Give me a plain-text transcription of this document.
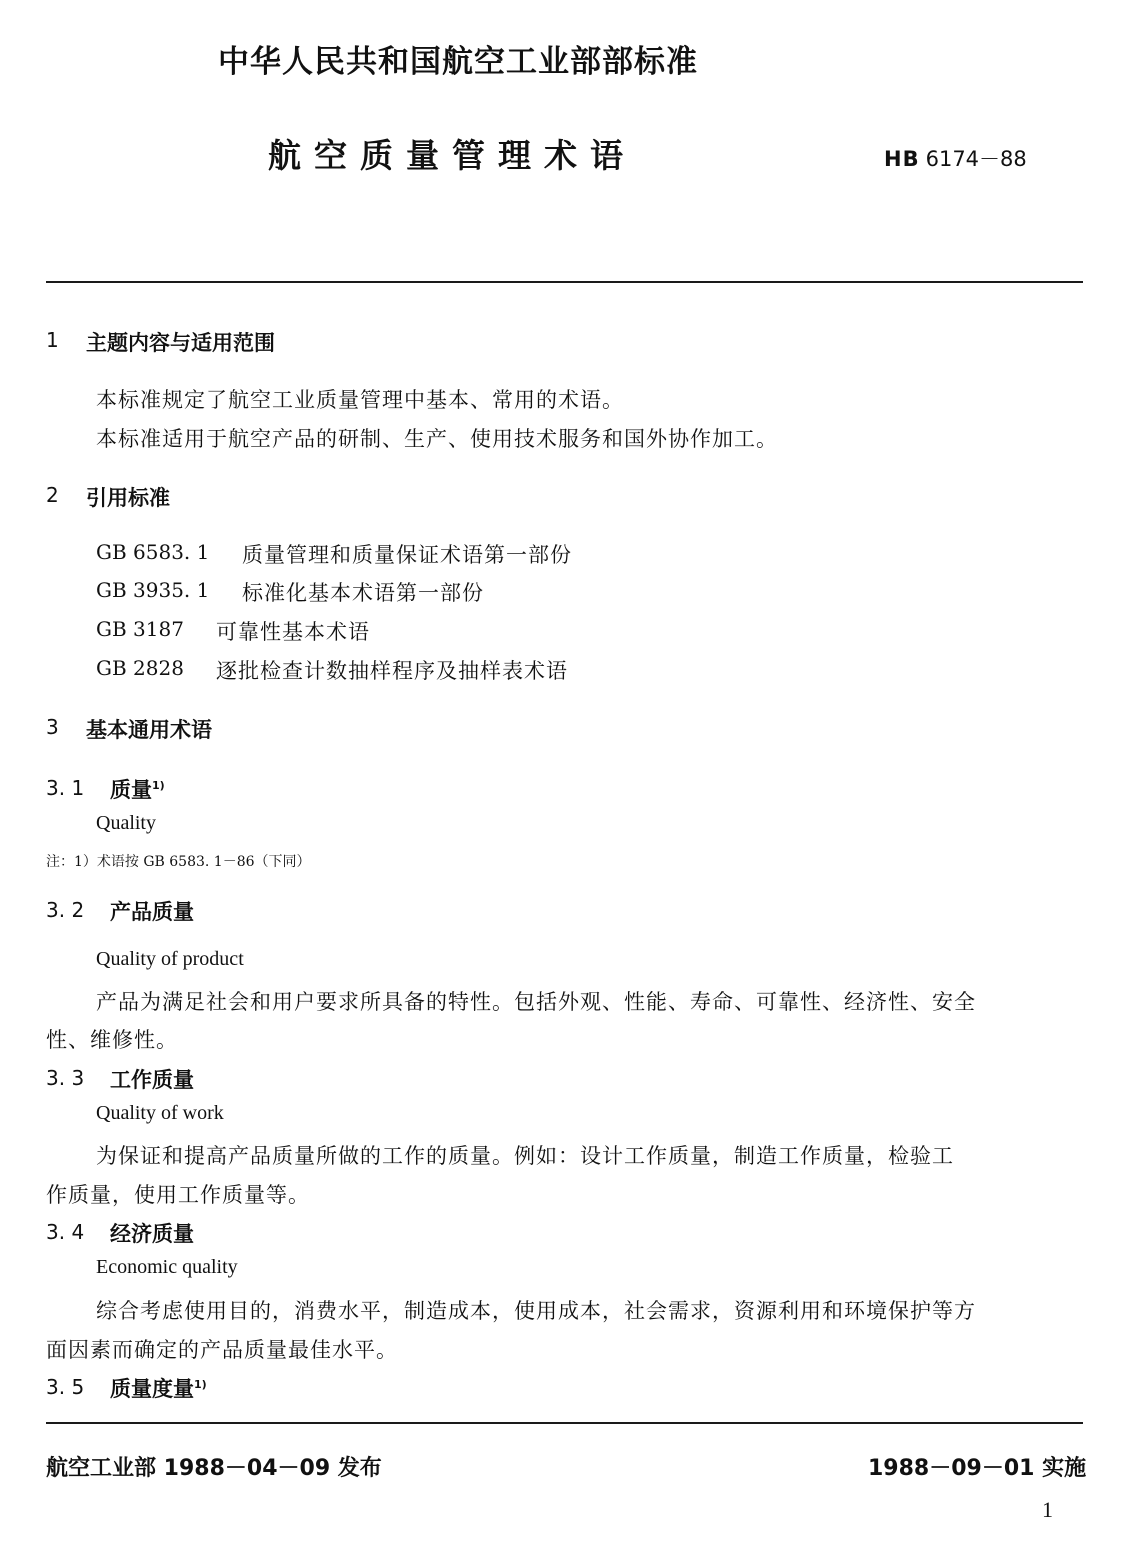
中华人民共和国航空工业部部标准
航空质量管理术语	HB 6174－88
1 主题内容与适用范围
本标准规定了航空工业质量管理中基本、常用的术语。
本标准适用于航空产品的研制、生产、使用技术服务和国外协作加工。
2 引用标准
GB 6583. 1 质量管理和质量保证术语第一部份
GB 3935. 1 标准化基本术语第一部份
GB 3187 可靠性基本术语
GB 2828 逐批检查计数抽样程序及抽样表术语
3 基本通用术语
3. 1 质量$^{1)}$
Quality
注：1）术语按 GB 6583. 1－86（下同）
3. 2 产品质量
Quality of product
产品为满足社会和用户要求所具备的特性。包括外观、性能、寿命、可靠性、经济性、安全
性、维修性。
3. 3 工作质量
Quality of work
为保证和提高产品质量所做的工作的质量。例如：设计工作质量，制造工作质量，检验工
作质量，使用工作质量等。
3. 4 经济质量
Economic quality
综合考虑使用目的，消费水平，制造成本，使用成本，社会需求，资源利用和环境保护等方
面因素而确定的产品质量最佳水平。
3. 5 质量度量$^{1)}$
航空工业部 1988－04－09 发布	1988－09－01 实施
1
